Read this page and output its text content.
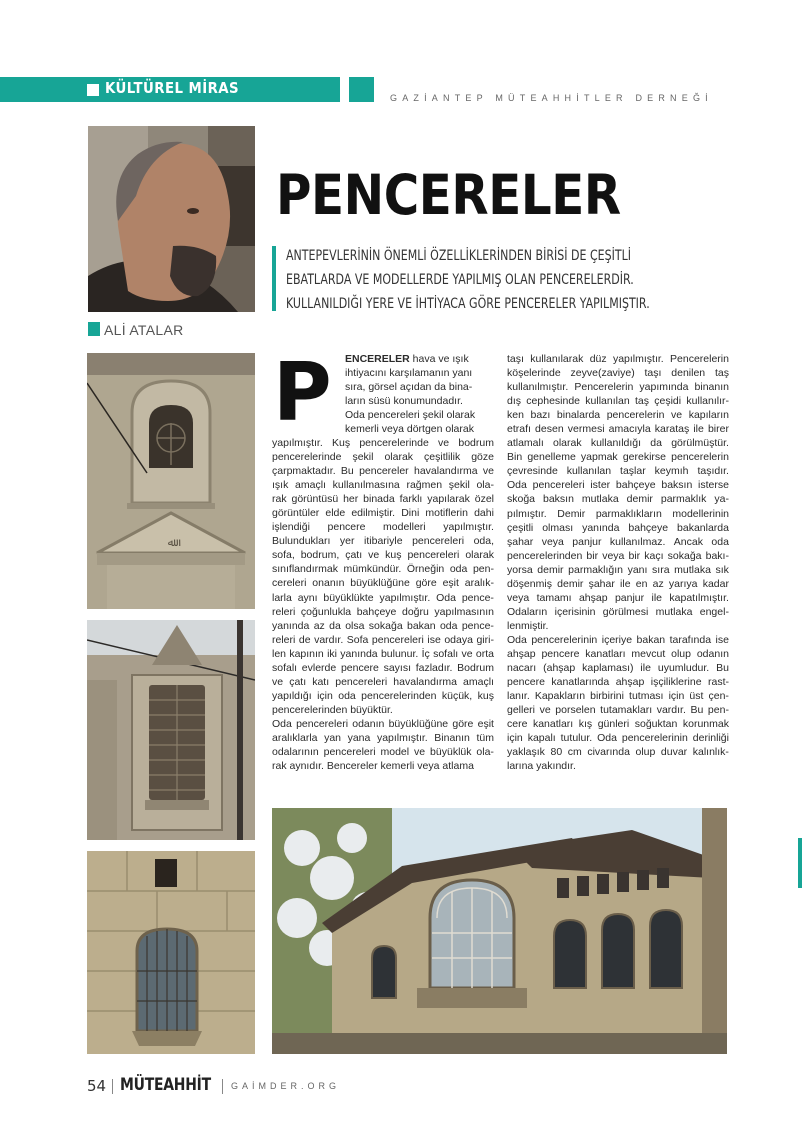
KÜLTÜREL MİRAS
GAZİANTEP MÜTEAHHİTLER DERNEĞİ
ALİ ATALAR
PENCERELER
ANTEPEVLERİNİN ÖNEMLİ ÖZELLİKLERİNDEN BİRİSİ DE ÇEŞİTLİ
EBATLARDA VE MODELLERDE YAPILMIŞ OLAN PENCERELERDİR.
KULLANILDIĞI YERE VE İHTİYACA GÖRE PENCERELER YAPILMIŞTIR.
ﷲ
P ENCERELER hava ve ışık
ihtiyacını karşılamanın yanı
sıra, görsel açıdan da bina-
ların süsü konumundadır.
Oda pencereleri şekil olarak
kemerli veya dörtgen olarak
yapılmıştır. Kuş pencerelerinde ve bodrum
pencerelerinde şekil olarak çeşitlilik göze
çarpmaktadır. Bu pencereler havalandırma ve
ışık amaçlı kullanılmasına rağmen şekil ola-
rak görüntüsü her binada farklı yapılarak özel
görüntüler elde edilmiştir. Dini motiflerin dahi
işlendiği pencere modelleri yapılmıştır.
Bulundukları yer itibariyle pencereleri oda,
sofa, bodrum, çatı ve kuş pencereleri olarak
sınıflandırmak mümkündür. Örneğin oda pen-
cereleri onanın büyüklüğüne göre eşit aralık-
larla aynı büyüklükte yapılmıştır. Oda pence-
releri çoğunlukla bahçeye doğru yapılmasının
yanında az da olsa sokağa bakan oda pence-
releri de vardır. Sofa pencereleri ise odaya giri-
len kapının iki yanında bulunur. İç sofalı ve orta
sofalı evlerde pencere sayısı fazladır. Bodrum
ve çatı katı pencereleri havalandırma amaçlı
yapıldığı için oda pencerelerinden küçük, kuş
pencerelerinden büyüktür.
Oda pencereleri odanın büyüklüğüne göre eşit
aralıklarla yan yana yapılmıştır. Binanın tüm
odalarının pencereleri model ve büyüklük ola-
rak aynıdır. Bencereler kemerli veya atlama
taşı kullanılarak düz yapılmıştır. Pencerelerin
köşelerinde zeyve(zaviye) taşı denilen taş
kullanılmıştır. Pencerelerin yapımında binanın
dış cephesinde kullanılan taş çeşidi kullanılır-
ken bazı binalarda pencerelerin ve kapıların
etrafı desen vermesi amacıyla karataş ile birer
atlamalı olarak kullanıldığı da görülmüştür.
Bin genelleme yapmak gerekirse pencerelerin
çevresinde kullanılan taşlar keymıh taşıdır.
Oda pencereleri ister bahçeye baksın isterse
skoğa baksın mutlaka demir parmaklık ya-
pılmıştır. Demir parmaklıkların modellerinin
çeşitli olması yanında bahçeye bakanlarda
şahar veya panjur kullanılmaz. Ancak oda
pencerelerinden bir veya bir kaçı sokağa bakı-
yorsa demir parmaklığın yanı sıra mutlaka sık
döşenmiş demir şahar ile en az yarıya kadar
veya tamamı ahşap panjur ile kapatılmıştır.
Odaların içerisinin görülmesi mutlaka engel-
lenmiştir.
Oda pencerelerinin içeriye bakan tarafında ise
ahşap pencere kanatları mevcut olup odanın
nacarı (ahşap kaplaması) ile uyumludur. Bu
pencere kanatlarında ahşap işçiliklerine rast-
lanır. Kapakların birbirini tutması için üst çen-
gelleri ve porselen tutamakları vardır. Bu pen-
cere kanatları kış günleri soğuktan korunmak
için kapalı tutulur. Oda pencerelerinin derinliği
yaklaşık 80 cm civarında olup duvar kalınlık-
larına yakındır.
54 MÜTEAHHİT GAİMDER.ORG
